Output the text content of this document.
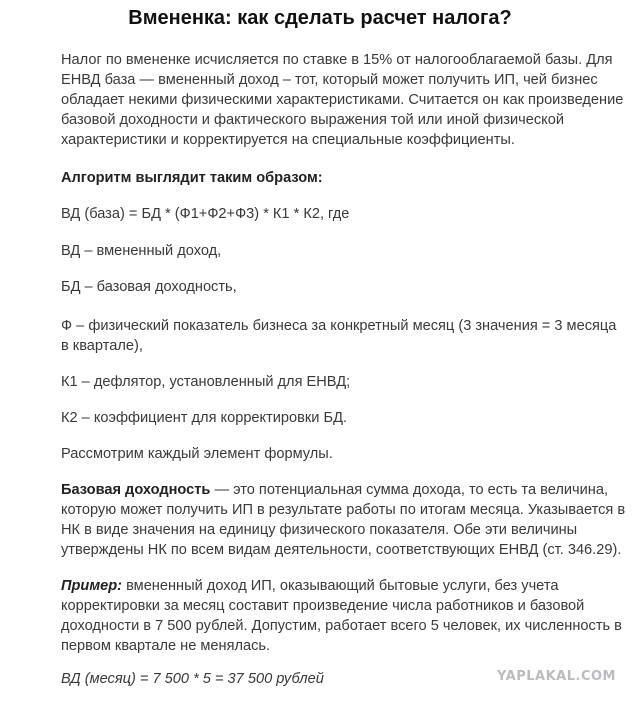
Вмененка: как сделать расчет налога?

Налог по вмененке исчисляется по ставке в 15% от налогооблагаемой базы. Для ЕНВД база — вмененный доход – тот, который может получить ИП, чей бизнес обладает некими физическими характеристиками. Считается он как произведение базовой доходности и фактического выражения той или иной физической характеристики и корректируется на специальные коэффициенты.

Алгоритм выглядит таким образом:

ВД (база) = БД * (Ф1+Ф2+Ф3) * К1 * К2, где

ВД – вмененный доход,

БД – базовая доходность,

Ф – физический показатель бизнеса за конкретный месяц (3 значения = 3 месяца в квартале),

К1 – дефлятор, установленный для ЕНВД;

К2 – коэффициент для корректировки БД.

Рассмотрим каждый элемент формулы.

Базовая доходность — это потенциальная сумма дохода, то есть та величина, которую может получить ИП в результате работы по итогам месяца. Указывается в НК в виде значения на единицу физического показателя. Обе эти величины утверждены НК по всем видам деятельности, соответствующих ЕНВД (ст. 346.29).

Пример: вмененный доход ИП, оказывающий бытовые услуги, без учета корректировки за месяц составит произведение числа работников и базовой доходности в 7 500 рублей. Допустим, работает всего 5 человек, их численность в первом квартале не менялась.

ВД (месяц) = 7 500 * 5 = 37 500 рублей	YAPLAKAL.COM
